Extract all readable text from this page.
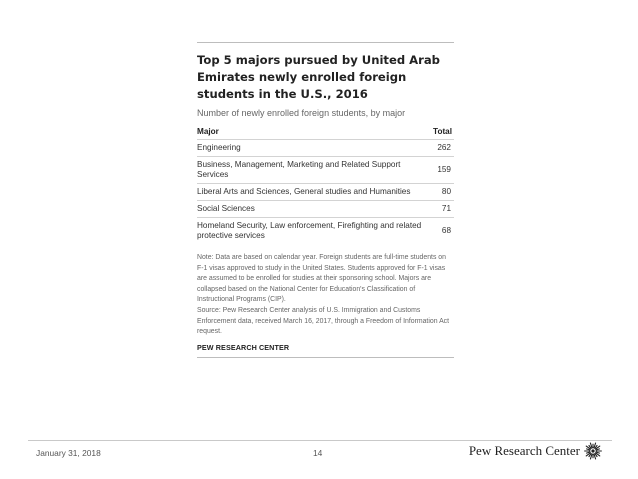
Top 5 majors pursued by United Arab Emirates newly enrolled foreign students in the U.S., 2016
Number of newly enrolled foreign students, by major
Major	Total
Engineering	262
Business, Management, Marketing and Related Support Services	159
Liberal Arts and Sciences, General studies and Humanities	80
Social Sciences	71
Homeland Security, Law enforcement, Firefighting and related protective services	68
Note: Data are based on calendar year. Foreign students are full-time students on F-1 visas approved to study in the United States. Students approved for F-1 visas are assumed to be enrolled for studies at their sponsoring school. Majors are collapsed based on the National Center for Education's Classification of Instructional Programs (CIP).
Source: Pew Research Center analysis of U.S. Immigration and Customs Enforcement data, received March 16, 2017, through a Freedom of Information Act request.
PEW RESEARCH CENTER
January 31, 2018	14	Pew Research Center
